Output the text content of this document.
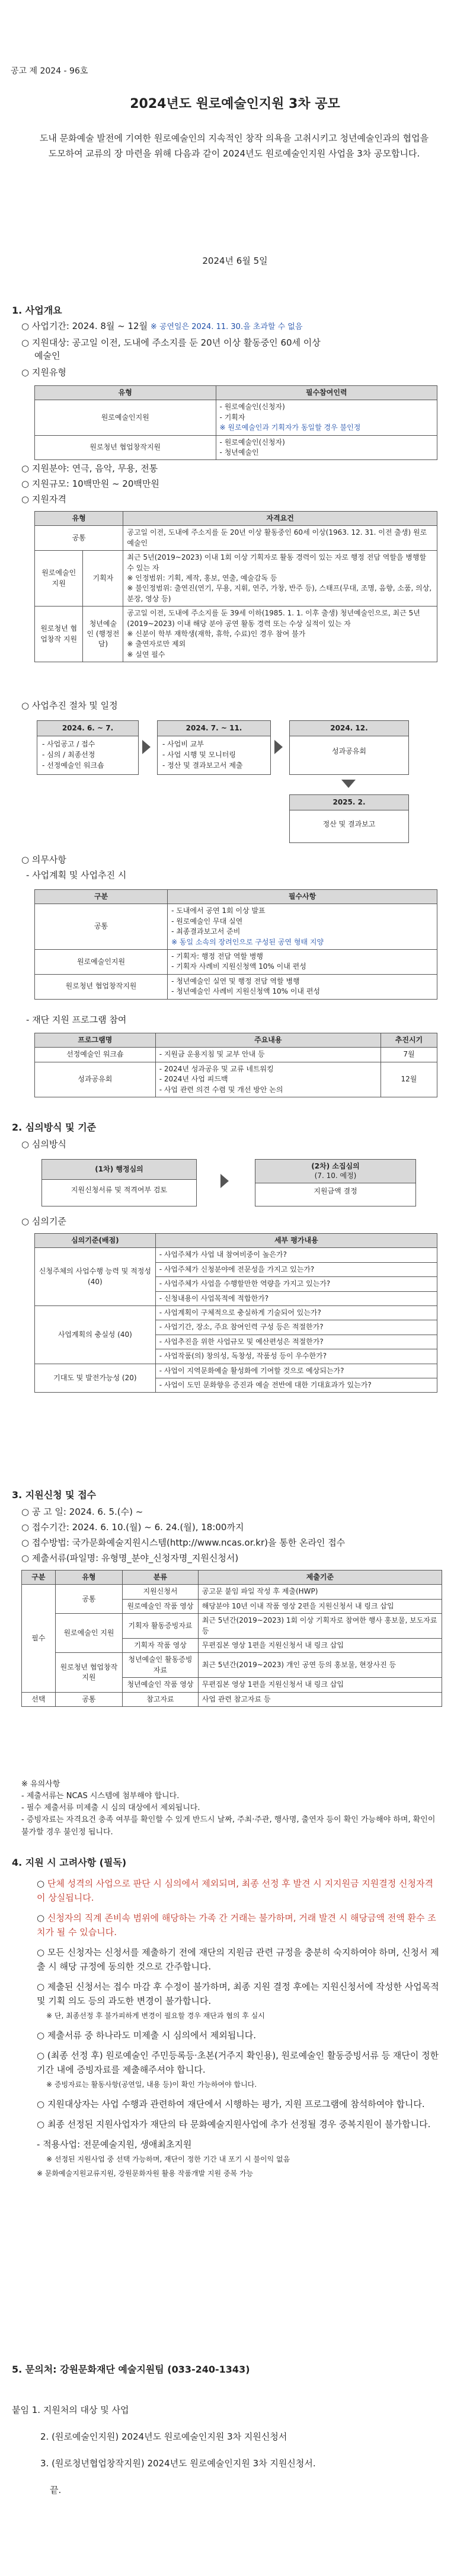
공고 제 2024 - 96호
2024년도 원로예술인지원 3차 공모
도내 문화예술 발전에 기여한 원로예술인의 지속적인 창작 의욕을 고취시키고 청년예술인과의 협업을 도모하여 교류의 장 마련을 위해 다음과 같이 2024년도 원로예술인지원 사업을 3차 공모합니다.
2024년 6월 5일
1. 사업개요
○ 사업기간: 2024. 8월 ~ 12월 ※ 공연일은 2024. 11. 30.을 초과할 수 없음
○ 지원대상: 공고일 이전, 도내에 주소지를 둔 20년 이상 활동중인 60세 이상
예술인
○ 지원유형
유형	필수참여인력
원로예술인지원	- 원로예술인(신청자)
- 기획자
※ 원로예술인과 기획자가 동일할 경우 불인정

원로청년 협업창작지원	- 원로예술인(신청자)
- 청년예술인
○ 지원분야: 연극, 음악, 무용, 전통
○ 지원규모: 10백만원 ~ 20백만원
○ 지원자격
유형		자격요건
공통		공고일 이전, 도내에 주소지를 둔 20년 이상 활동중인 60세 이상(1963. 12. 31. 이전 출생) 원로예술인
원로예술인 지원	기획자	최근 5년(2019~2023) 이내 1회 이상 기획자로 활동 경력이 있는 자로 행정 전담 역할을 병행할 수 있는 자
※ 인정범위: 기획, 제작, 홍보, 연출, 예술감독 등
※ 불인정범위: 출연진(연기, 무용, 지휘, 연주, 가창, 반주 등), 스태프(무대, 조명, 음향, 소품, 의상, 분장, 영상 등)
원로청년 협업창작 지원	청년예술인 (행정전담)	공고일 이전, 도내에 주소지를 둔 39세 이하(1985. 1. 1. 이후 출생) 청년예술인으로, 최근 5년(2019~2023) 이내 해당 분야 공연 활동 경력 또는 수상 실적이 있는 자
※ 신분이 학부 재학생(재학, 휴학, 수료)인 경우 참여 불가
※ 출연자로만 제외
※ 실연 필수
○ 사업추진 절차 및 일정
2024. 6. ~ 7.
- 사업공고 / 접수
- 심의 / 최종선정
- 선정예술인 워크숍
2024. 7. ~ 11.
- 사업비 교부
- 사업 시행 및 모니터링
- 정산 및 결과보고서 제출
2024. 12.
성과공유회
2025. 2.
정산 및 결과보고
○ 의무사항
- 사업계획 및 사업추진 시
구분	필수사항
공통	- 도내에서 공연 1회 이상 발표
- 원로예술인 무대 실연
- 최종결과보고서 준비
※ 동일 소속의 장려인으로 구성된 공연 형태 지양

원로예술인지원	- 기획자: 행정 전담 역할 병행
- 기획자 사례비 지원신청액 10% 이내 편성

원로청년 협업창작지원	- 청년예술인 실연 및 행정 전담 역할 병행
- 청년예술인 사례비 지원신청액 10% 이내 편성
- 재단 지원 프로그램 참여
프로그램명	주요내용	추진시기
선정예술인 워크숍	- 지원금 운용지침 및 교부 안내 등	7월
성과공유회	- 2024년 성과공유 및 교류 네트워킹
- 2024년 사업 피드백
- 사업 관련 의견 수렴 및 개선 방안 논의	12월
2. 심의방식 및 기준
○ 심의방식
(1차) 행정심의
지원신청서류 및 적격여부 검토
(2차) 소집심의
(7. 10. 예정)
지원금액 결정
○ 심의기준
심의기준(배점)	세부 평가내용
신청주체의 사업수행 능력 및 적정성 (40)	- 사업주체가 사업 내 참여비중이 높은가?
	- 사업주체가 신청분야에 전문성을 가지고 있는가?
	- 사업주체가 사업을 수행할만한 역량을 가지고 있는가?
	- 신청내용이 사업목적에 적합한가?
사업계획의 충실성 (40)	- 사업계획이 구체적으로 충실하게 기술되어 있는가?
	- 사업기간, 장소, 주요 참여인력 구성 등은 적절한가?
	- 사업추진을 위한 사업규모 및 예산편성은 적절한가?
	- 사업작품(의) 창의성, 독창성, 작품성 등이 우수한가?
기대도 및 발전가능성 (20)	- 사업이 지역문화예술 활성화에 기여할 것으로 예상되는가?
	- 사업이 도민 문화향유 증진과 예술 전반에 대한 기대효과가 있는가?
3. 지원신청 및 접수
○ 공 고 일: 2024. 6. 5.(수) ~
○ 접수기간: 2024. 6. 10.(월) ~ 6. 24.(월), 18:00까지
○ 접수방법: 국가문화예술지원시스템(http://www.ncas.or.kr)을 통한 온라인 접수
○ 제출서류(파일명: 유형명_분야_신청자명_지원신청서)
구분	유형	분류	제출기준
필수	공통	지원신청서	공고문 붙임 파일 작성 후 제출(HWP)
		원로예술인 작품 영상	해당분야 10년 이내 작품 영상 2편을 지원신청서 내 링크 삽입
	원로예술인 지원	기획자 활동증빙자료	최근 5년간(2019~2023) 1회 이상 기획자로 참여한 행사 홍보물, 보도자료 등
		기획자 작품 영상	무편집본 영상 1편을 지원신청서 내 링크 삽입
	원로청년 협업창작지원	청년예술인 활동증빙자료	최근 5년간(2019~2023) 개인 공연 등의 홍보물, 현장사진 등
		청년예술인 작품 영상	무편집본 영상 1편을 지원신청서 내 링크 삽입
선택	공통	참고자료	사업 관련 참고자료 등
※ 유의사항
- 제출서류는 NCAS 시스템에 첨부해야 합니다.
- 필수 제출서류 미제출 시 심의 대상에서 제외됩니다.
- 증빙자료는 자격요건 충족 여부를 확인할 수 있게 반드시 날짜, 주최·주관, 행사명, 출연자 등이 확인 가능해야 하며, 확인이 불가할 경우 불인정 됩니다.
4. 지원 시 고려사항 (필독)

○ 단체 성격의 사업으로 판단 시 심의에서 제외되며, 최종 선정 후 발견 시 지지원금 지원결정 신청자격이 상실됩니다.

○ 신청자의 직계 존비속 범위에 해당하는 가족 간 거래는 불가하며, 거래 발견 시 해당금액 전액 환수 조치가 될 수 있습니다.

○ 모든 신청자는 신청서를 제출하기 전에 재단의 지원금 관련 규정을 충분히 숙지하여야 하며, 신청서 제출 시 해당 규정에 동의한 것으로 간주합니다.

○ 제출된 신청서는 접수 마감 후 수정이 불가하며, 최종 지원 결정 후에는 지원신청서에 작성한 사업목적 및 기획 의도 등의 과도한 변경이 불가합니다.
※ 단, 최종선정 후 불가피하게 변경이 필요할 경우 재단과 협의 후 실시

○ 제출서류 중 하나라도 미제출 시 심의에서 제외됩니다.

○ (최종 선정 후) 원로예술인 주민등록등·초본(거주지 확인용), 원로예술인 활동증빙서류 등 재단이 정한 기간 내에 증빙자료를 제출해주셔야 합니다.
※ 증빙자료는 활동사항(공연일, 내용 등)이 확인 가능하여야 합니다.

○ 지원대상자는 사업 수행과 관련하여 재단에서 시행하는 평가, 지원 프로그램에 참석하여야 합니다.

○ 최종 선정된 지원사업자가 재단의 타 문화예술지원사업에 추가 선정될 경우 중복지원이 불가합니다.

- 적용사업: 전문예술지원, 생애최초지원
※ 선정된 지원사업 중 선택 가능하며, 재단이 정한 기간 내 포기 시 불이익 없음
※ 문화예술지원교류지원, 강원문화자원 활용 작품개발 지원 중복 가능

5. 문의처: 강원문화재단 예술지원팀 (033-240-1343)
붙임 1. 지원처의 대상 및 사업
2. (원로예술인지원) 2024년도 원로예술인지원 3차 지원신청서
3. (원로청년협업창작지원) 2024년도 원로예술인지원 3차 지원신청서.
끝.
